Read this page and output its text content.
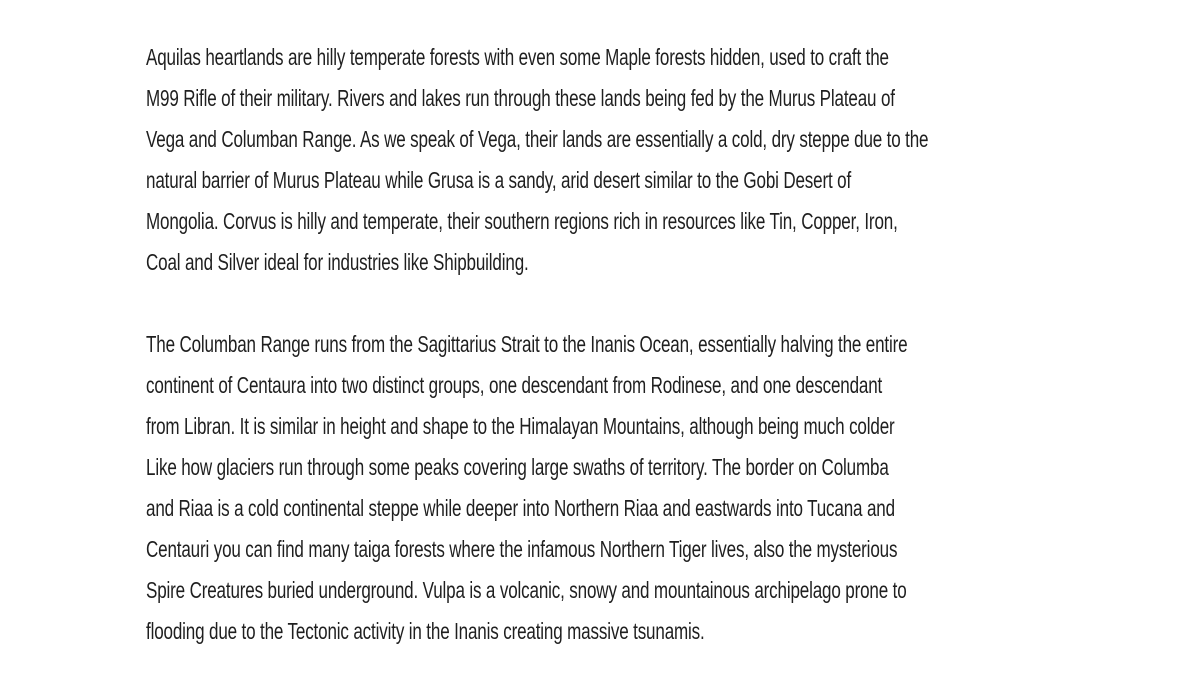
Aquilas heartlands are hilly temperate forests with even some Maple forests hidden, used to craft the
M99 Rifle of their military. Rivers and lakes run through these lands being fed by the Murus Plateau of
Vega and Columban Range. As we speak of Vega, their lands are essentially a cold, dry steppe due to the
natural barrier of Murus Plateau while Grusa is a sandy, arid desert similar to the Gobi Desert of
Mongolia. Corvus is hilly and temperate, their southern regions rich in resources like Tin, Copper, Iron,
Coal and Silver ideal for industries like Shipbuilding.
The Columban Range runs from the Sagittarius Strait to the Inanis Ocean, essentially halving the entire
continent of Centaura into two distinct groups, one descendant from Rodinese, and one descendant
from Libran. It is similar in height and shape to the Himalayan Mountains, although being much colder
Like how glaciers run through some peaks covering large swaths of territory. The border on Columba
and Riaa is a cold continental steppe while deeper into Northern Riaa and eastwards into Tucana and
Centauri you can find many taiga forests where the infamous Northern Tiger lives, also the mysterious
Spire Creatures buried underground. Vulpa is a volcanic, snowy and mountainous archipelago prone to
flooding due to the Tectonic activity in the Inanis creating massive tsunamis.
